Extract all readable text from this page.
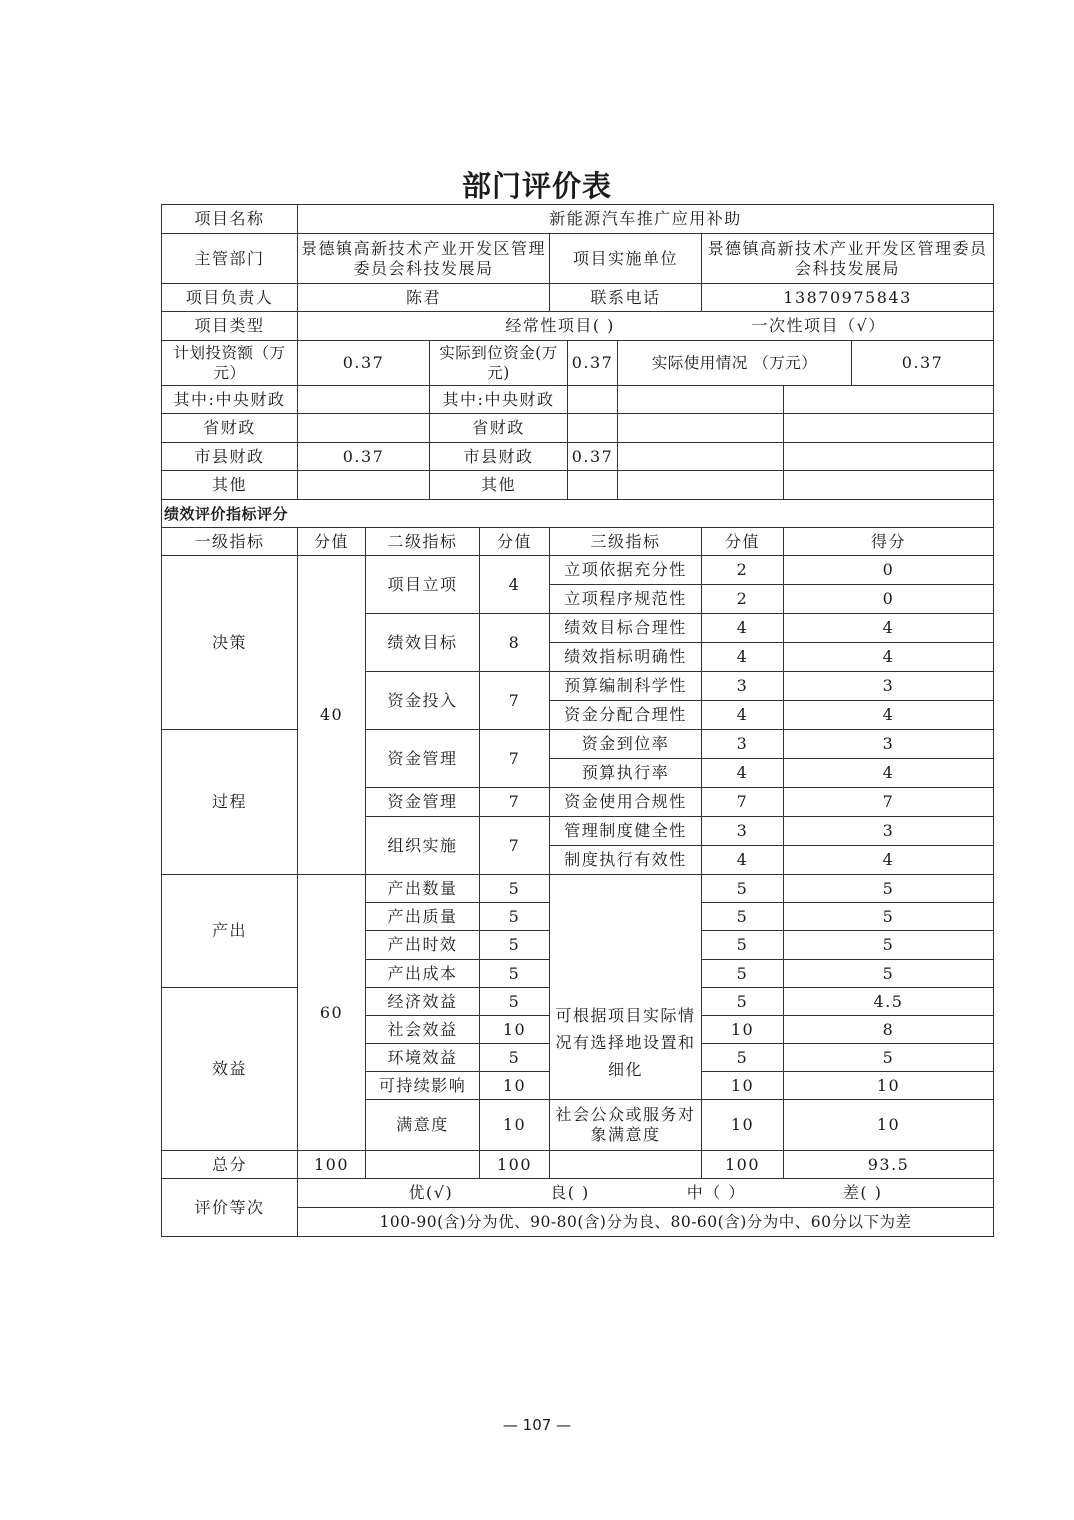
部门评价表
项目名称	新能源汽车推广应用补助									
主管部门	景德镇高新技术产业开发区管理委员会科技发展局				项目实施单位			景德镇高新技术产业开发区管理委员会科技发展局		
项目负责人	陈君				联系电话			13870975843		
项目类型	经常性项目( ) 一次性项目（√）									
计划投资额（万元）	0.37		实际到位资金(万元)			0.37	实际使用情况 （万元）			0.37
其中:中央财政			其中:中央财政							
省财政			省财政							
市县财政	0.37		市县财政			0.37				
其他			其他							
绩效评价指标评分										
一级指标	分值	二级指标		分值	三级指标			分值	得分	
决策	40	项目立项		4	立项依据充分性			2	0	
					立项程序规范性			2	0	
		绩效目标		8	绩效目标合理性			4	4	
					绩效指标明确性			4	4	
		资金投入		7	预算编制科学性			3	3	
					资金分配合理性			4	4	
过程		资金管理		7	资金到位率			3	3	
					预算执行率			4	4	
		资金管理		7	资金使用合规性			7	7	
		组织实施		7	管理制度健全性			3	3	
					制度执行有效性			4	4	
产出	60	产出数量		5	可根据项目实际情况有选择地设置和细化			5	5	
		产出质量		5				5	5	
		产出时效		5				5	5	
		产出成本		5				5	5	
效益		经济效益		5				5	4.5	
		社会效益		10				10	8	
		环境效益		5				5	5	
		可持续影响		10				10	10	
		满意度		10	社会公众或服务对象满意度			10	10	
总分	100			100				100	93.5	
评价等次	优(√) 良( ) 中（ ） 差( )									

	100-90(含)分为优、90-80(含)分为良、80-60(含)分为中、60分以下为差									
— 107 —
